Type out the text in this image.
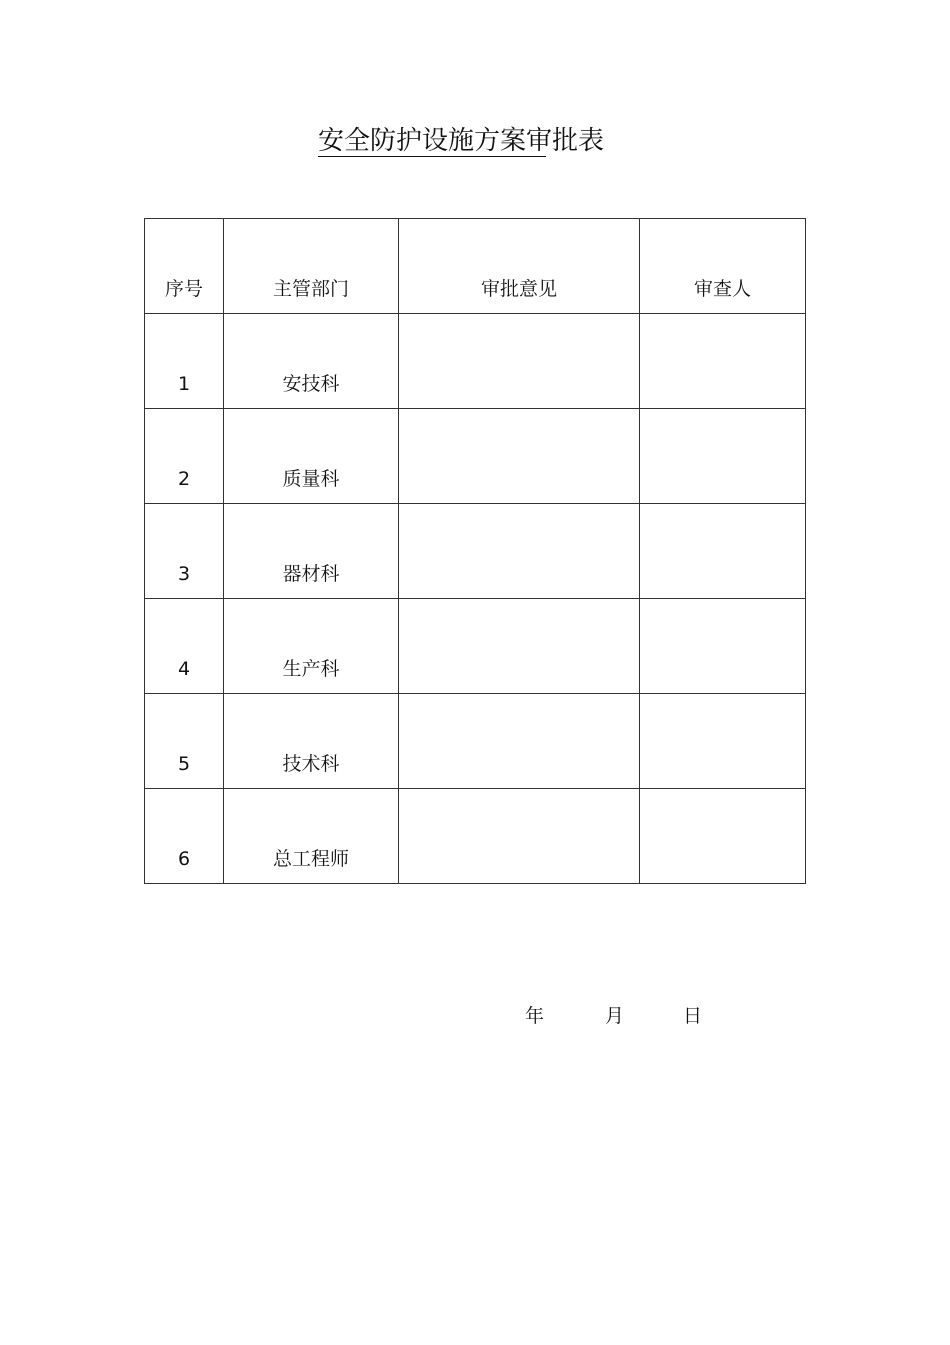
安全防护设施方案审批表
序号	主管部门	审批意见	审查人

1	安技科		

2	质量科		

3	器材科		

4	生产科		

5	技术科		

6	总工程师		

年	月	日
